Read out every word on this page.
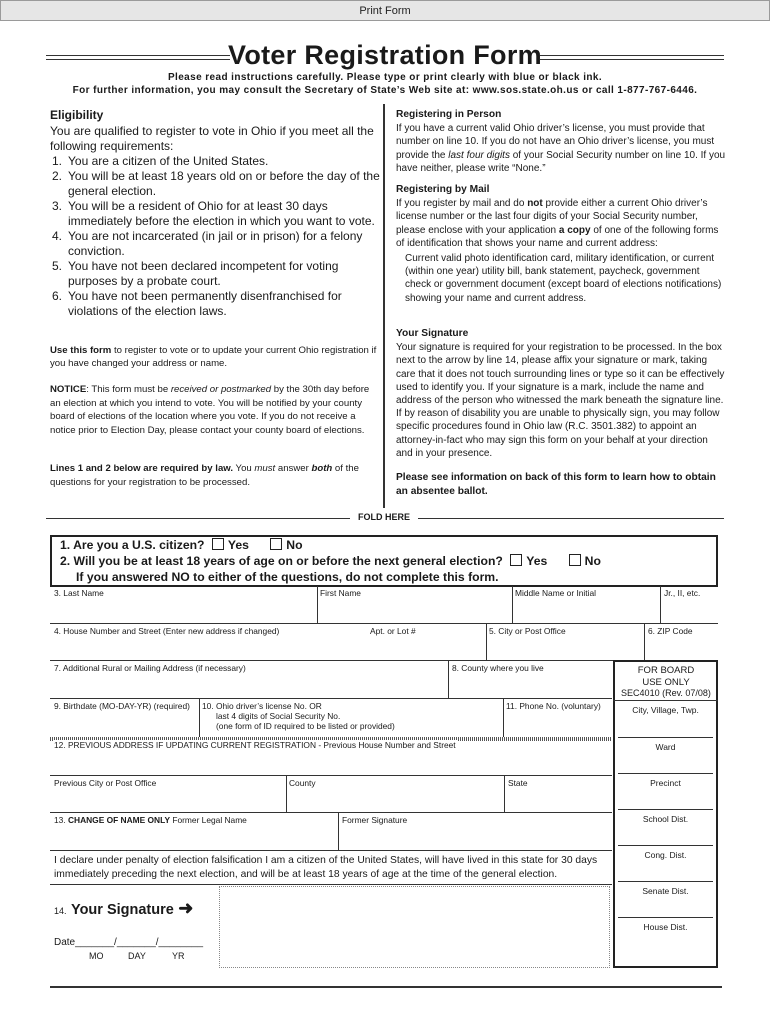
Print Form
Voter Registration Form
Please read instructions carefully. Please type or print clearly with blue or black ink.
For further information, you may consult the Secretary of State’s Web site at: www.sos.state.oh.us or call 1-877-767-6446.
Eligibility
You are qualified to register to vote in Ohio if you meet all the following requirements:
1. You are a citizen of the United States.
2. You will be at least 18 years old on or before the day of the general election.
3. You will be a resident of Ohio for at least 30 days immediately before the election in which you want to vote.
4. You are not incarcerated (in jail or in prison) for a felony conviction.
5. You have not been declared incompetent for voting purposes by a probate court.
6. You have not been permanently disenfranchised for violations of the election laws.
Use this form to register to vote or to update your current Ohio registration if you have changed your address or name.
NOTICE: This form must be received or postmarked by the 30th day before an election at which you intend to vote. You will be notified by your county board of elections of the location where you vote. If you do not receive a notice prior to Election Day, please contact your county board of elections.
Lines 1 and 2 below are required by law. You must answer both of the questions for your registration to be processed.
Registering in Person
If you have a current valid Ohio driver’s license, you must provide that number on line 10. If you do not have an Ohio driver’s license, you must provide the last four digits of your Social Security number on line 10. If you have neither, please write “None.”
Registering by Mail
If you register by mail and do not provide either a current Ohio driver’s license number or the last four digits of your Social Security number, please enclose with your application a copy of one of the following forms of identification that shows your name and current address:
Current valid photo identification card, military identification, or current (within one year) utility bill, bank statement, paycheck, government check or government document (except board of elections notifications) showing your name and current address.
Your Signature
Your signature is required for your registration to be processed. In the box next to the arrow by line 14, please affix your signature or mark, taking care that it does not touch surrounding lines or type so it can be effectively used to identify you. If your signature is a mark, include the name and address of the person who witnessed the mark beneath the signature line. If by reason of disability you are unable to physically sign, you may follow specific procedures found in Ohio law (R.C. 3501.382) to appoint an attorney-in-fact who may sign this form on your behalf at your direction and in your presence.
Please see information on back of this form to learn how to obtain an absentee ballot.
FOLD HERE
1. Are you a U.S. citizen? Yes	No
2. Will you be at least 18 years of age on or before the next general election? Yes	No
If you answered NO to either of the questions, do not complete this form.
3. Last Name	First Name	Middle Name or Initial	Jr., II, etc.
4. House Number and Street (Enter new address if changed)	Apt. or Lot #	5. City or Post Office	6. ZIP Code
7. Additional Rural or Mailing Address (if necessary)	8. County where you live
9. Birthdate (MO-DAY-YR) (required) 10. Ohio driver’s license No. OR
last 4 digits of Social Security No.
(one form of ID required to be listed or provided)
11. Phone No. (voluntary)
12. PREVIOUS ADDRESS IF UPDATING CURRENT REGISTRATION - Previous House Number and Street
Previous City or Post Office	County	State
13. CHANGE OF NAME ONLY Former Legal Name	Former Signature
I declare under penalty of election falsification I am a citizen of the United States, will have lived in this state for 30 days immediately preceding the next election, and will be at least 18 years of age at the time of the general election.
14. Your Signature ➜
Date_______/_______/________
MO	DAY	YR
FOR BOARD
USE ONLY
SEC4010 (Rev. 07/08)
City, Village, Twp.
Ward
Precinct
School Dist.
Cong. Dist.
Senate Dist.
House Dist.
